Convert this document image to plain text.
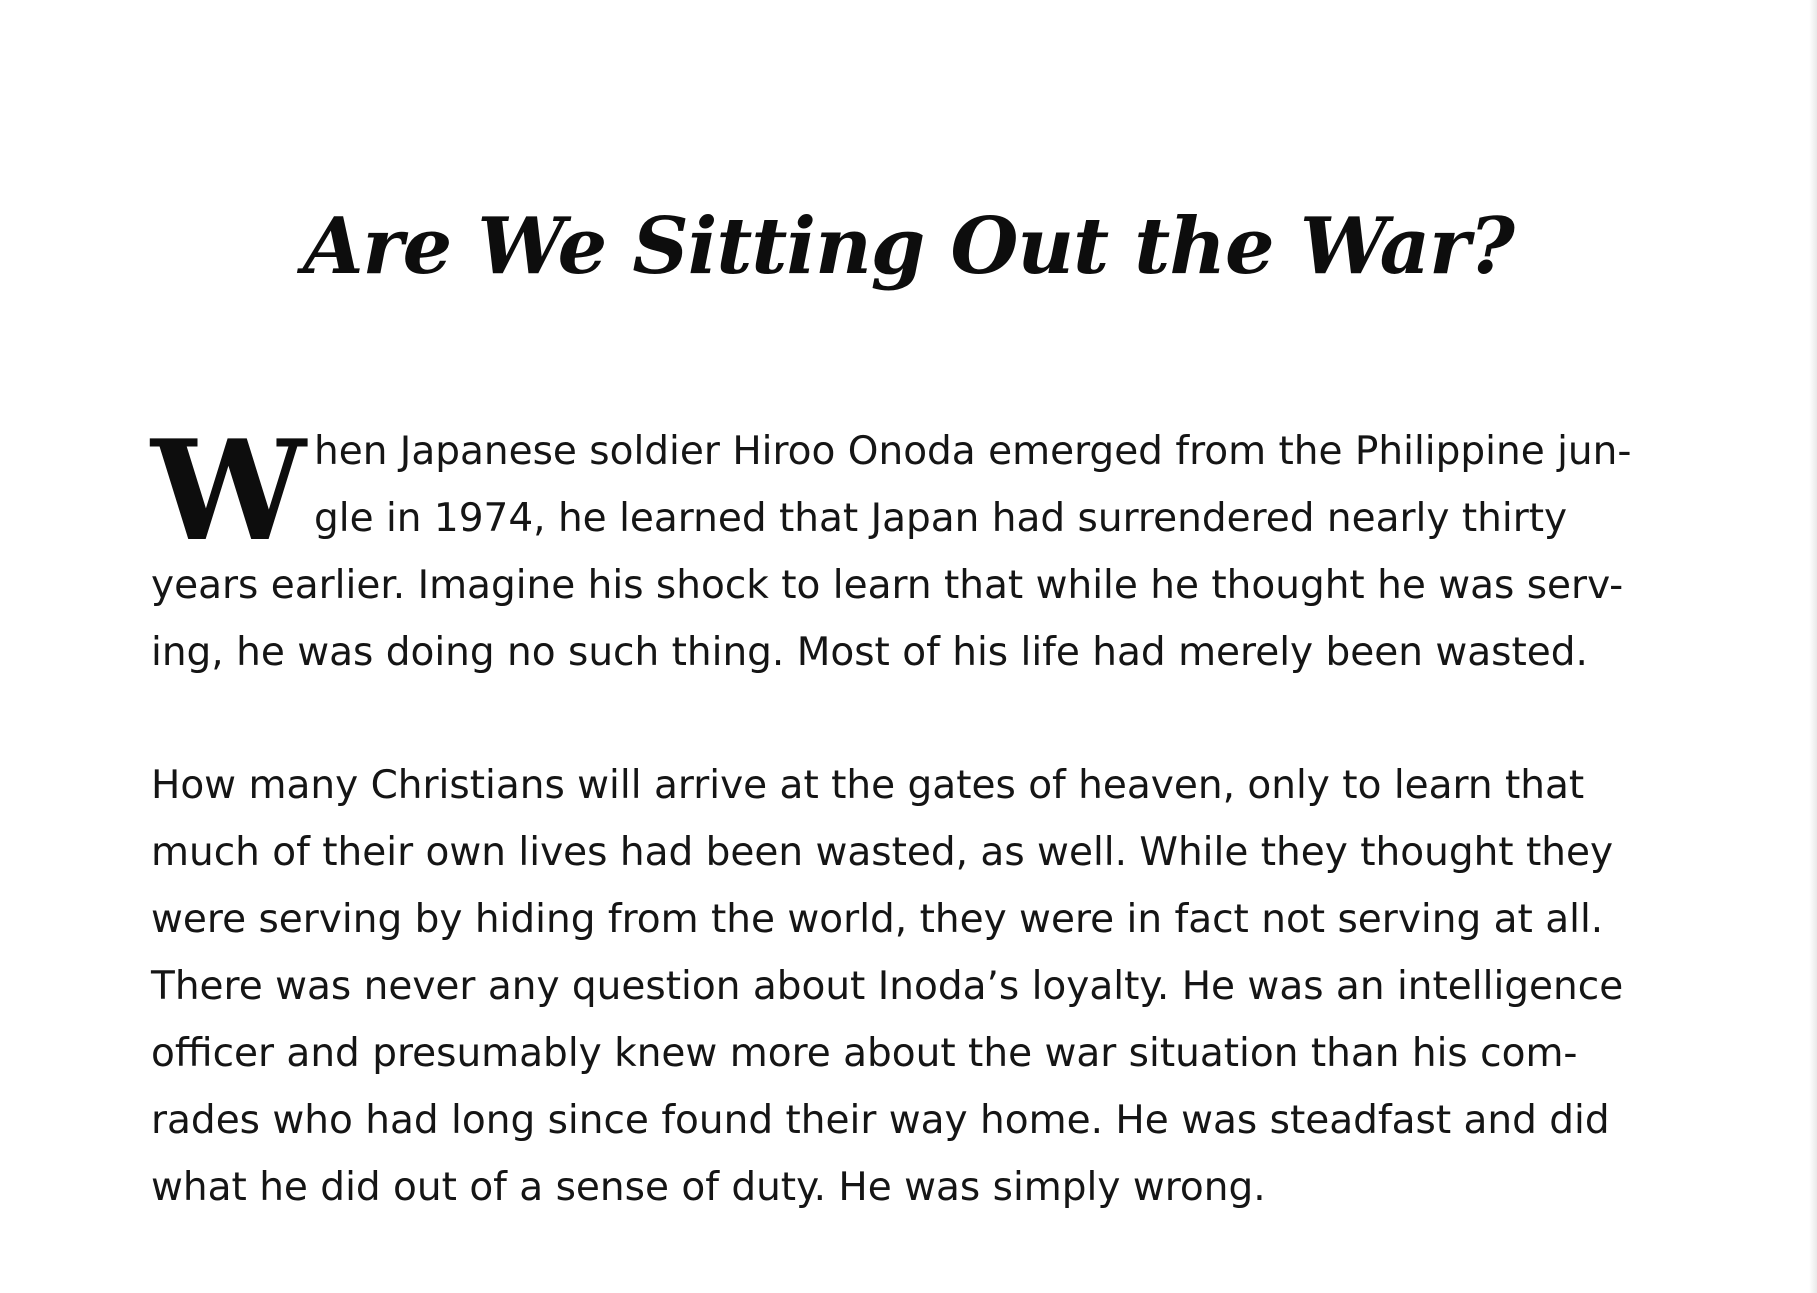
Are We Sitting Out the War?
W hen Japanese soldier Hiroo Onoda emerged from the Philippine jun-
gle in 1974, he learned that Japan had surrendered nearly thirty
years earlier. Imagine his shock to learn that while he thought he was serv-
ing, he was doing no such thing. Most of his life had merely been wasted.
How many Christians will arrive at the gates of heaven, only to learn that
much of their own lives had been wasted, as well. While they thought they
were serving by hiding from the world, they were in fact not serving at all.
There was never any question about Inoda’s loyalty. He was an intelligence
officer and presumably knew more about the war situation than his com-
rades who had long since found their way home. He was steadfast and did
what he did out of a sense of duty. He was simply wrong.
